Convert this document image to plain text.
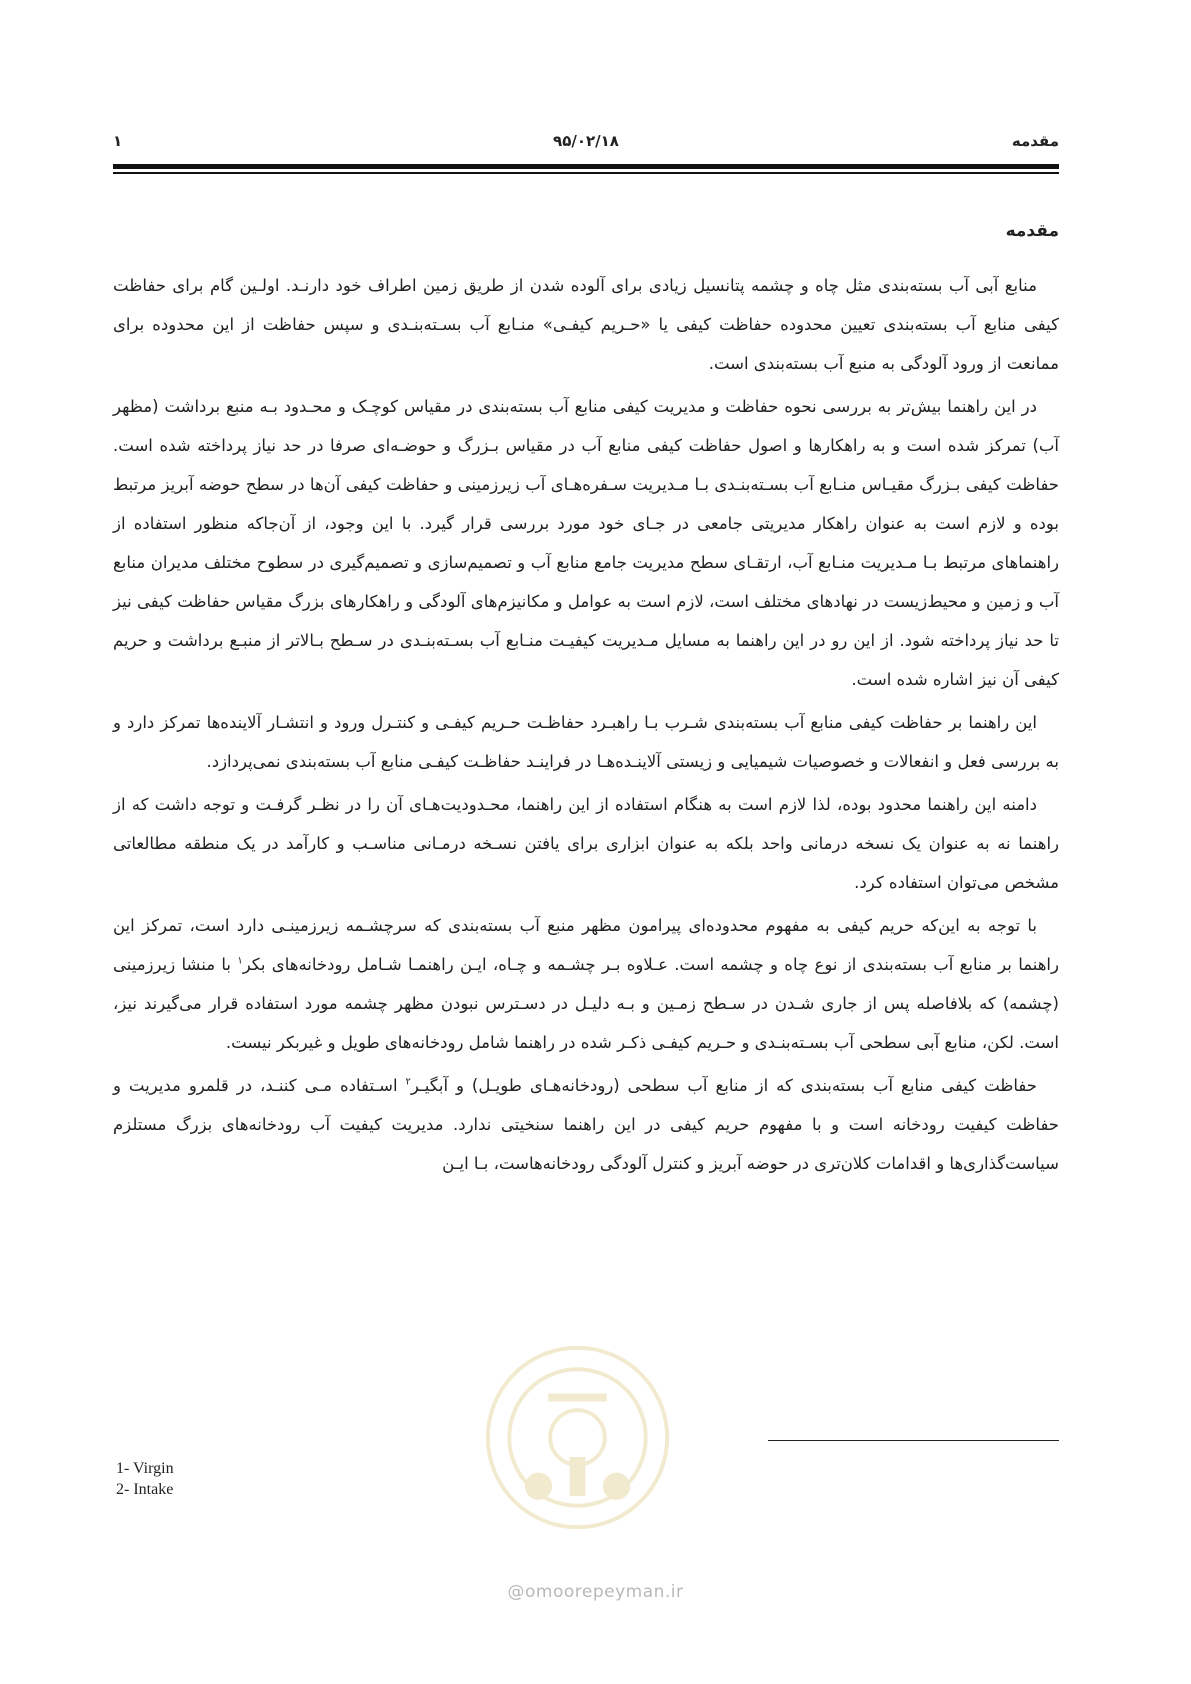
مقدمه
۹۵/۰۲/۱۸
۱
مقدمه

منابع آبی آب بسته‌بندی مثل چاه و چشمه پتانسیل زیادی برای آلوده شدن از طریق زمین اطراف خود دارنـد. اولـین گام برای حفاظت کیفی منابع آب بسته‌بندی تعیین محدوده حفاظت کیفی یا «حـریم کیفـی» منـابع آب بسـته‌بنـدی و سپس حفاظت از این محدوده برای ممانعت از ورود آلودگی به منبع آب بسته‌بندی است.

در این راهنما بیش‌تر به بررسی نحوه حفاظت و مدیریت کیفی منابع آب بسته‌بندی در مقیاس کوچـک و محـدود بـه منبع برداشت (مظهر آب) تمرکز شده است و به راهکارها و اصول حفاظت کیفی منابع آب در مقیاس بـزرگ و حوضـه‌ای صرفا در حد نیاز پرداخته شده است. حفاظت کیفی بـزرگ مقیـاس منـابع آب بسـته‌بنـدی بـا مـدیریت سـفره‌هـای آب زیرزمینی و حفاظت کیفی آن‌ها در سطح حوضه آبریز مرتبط بوده و لازم است به عنوان راهکار مدیریتی جامعی در جـای خود مورد بررسی قرار گیرد. با این وجود، از آن‌جاکه منظور استفاده از راهنماهای مرتبط بـا مـدیریت منـابع آب، ارتقـای سطح مدیریت جامع منابع آب و تصمیم‌سازی و تصمیم‌گیری در سطوح مختلف مدیران منابع آب و زمین و محیط‌زیست در نهادهای مختلف است، لازم است به عوامل و مکانیزم‌های آلودگی و راهکارهای بزرگ مقیاس حفاظت کیفی نیز تا حد نیاز پرداخته شود. از این رو در این راهنما به مسایل مـدیریت کیفیـت منـابع آب بسـته‌بنـدی در سـطح بـالاتر از منبـع برداشت و حریم کیفی آن نیز اشاره شده است.

این راهنما بر حفاظت کیفی منابع آب بسته‌بندی شـرب بـا راهبـرد حفاظـت حـریم کیفـی و کنتـرل ورود و انتشـار آلاینده‌ها تمرکز دارد و به بررسی فعل و انفعالات و خصوصیات شیمیایی و زیستی آلاینـده‌هـا در فراینـد حفاظـت کیفـی منابع آب بسته‌بندی نمی‌پردازد.

دامنه این راهنما محدود بوده، لذا لازم است به هنگام استفاده از این راهنما، محـدودیت‌هـای آن را در نظـر گرفـت و توجه داشت که از راهنما نه به عنوان یک نسخه درمانی واحد بلکه به عنوان ابزاری برای یافتن نسـخه درمـانی مناسـب و کارآمد در یک منطقه مطالعاتی مشخص می‌توان استفاده کرد.

با توجه به این‌که حریم کیفی به مفهوم محدوده‌ای پیرامون مظهر منبع آب بسته‌بندی که سرچشـمه زیرزمینـی دارد است، تمرکز این راهنما بر منابع آب بسته‌بندی از نوع چاه و چشمه است. عـلاوه بـر چشـمه و چـاه، ایـن راهنمـا شـامل رودخانه‌های بکر$^۱$ با منشا زیرزمینی (چشمه) که بلافاصله پس از جاری شـدن در سـطح زمـین و بـه دلیـل در دسـترس نبودن مظهر چشمه مورد استفاده قرار می‌گیرند نیز، است. لکن، منابع آبی سطحی آب بسـته‌بنـدی و حـریم کیفـی ذکـر شده در راهنما شامل رودخانه‌های طویل و غیربکر نیست.

حفاظت کیفی منابع آب بسته‌بندی که از منابع آب سطحی (رودخانه‌هـای طویـل) و آبگیـر$^۲$ اسـتفاده مـی کننـد، در قلمرو مدیریت و حفاظت کیفیت رودخانه است و با مفهوم حریم کیفی در این راهنما سنخیتی ندارد. مدیریت کیفیت آب رودخانه‌های بزرگ مستلزم سیاست‌گذاری‌ها و اقدامات کلان‌تری در حوضه آبریز و کنترل آلودگی رودخانه‌هاست، بـا ایـن

1- Virgin
2- Intake
@omoorepeyman.ir
